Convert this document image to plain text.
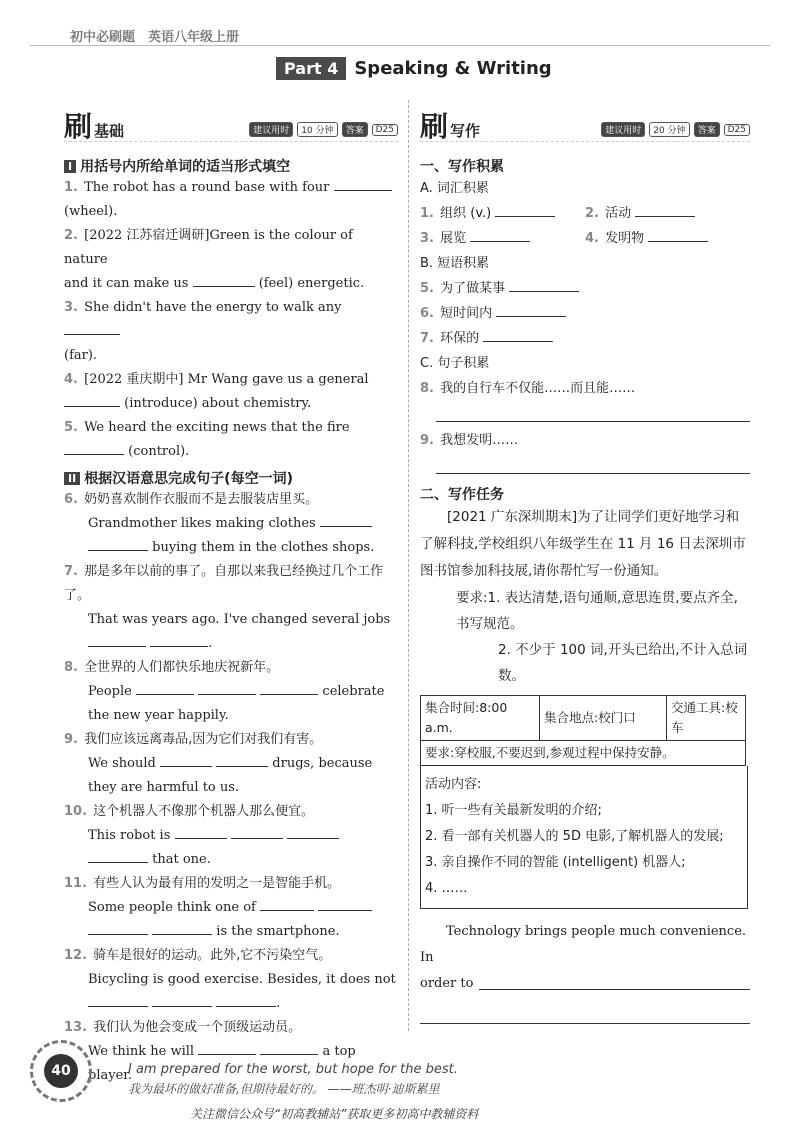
初中必刷题　英语八年级上册
Part 4 Speaking & Writing
刷 基础	建议用时	10 分钟	答案	D25
I 用括号内所给单词的适当形式填空
1. The robot has a round base with four
(wheel).
2. [2022 江苏宿迁调研]Green is the colour of nature
and it can make us	(feel) energetic.
3. She didn't have the energy to walk any
(far).
4. [2022 重庆期中] Mr Wang gave us a general
(introduce) about chemistry.
5. We heard the exciting news that the fire
(control).
II 根据汉语意思完成句子(每空一词)
6. 奶奶喜欢制作衣服而不是去服装店里买。
Grandmother likes making clothes
buying them in the clothes shops.
7. 那是多年以前的事了。自那以来我已经换过几个工作了。
That was years ago. I've changed several jobs
.
8. 全世界的人们都快乐地庆祝新年。
People	celebrate
the new year happily.
9. 我们应该远离毒品,因为它们对我们有害。
We should	drugs, because
they are harmful to us.
10. 这个机器人不像那个机器人那么便宜。
This robot is
that one.
11. 有些人认为最有用的发明之一是智能手机。
Some people think one of
is the smartphone.
12. 骑车是很好的运动。此外,它不污染空气。
Bicycling is good exercise. Besides, it does not
.
13. 我们认为他会变成一个顶级运动员。
We think he will	a top
player.
刷 写作	建议用时	20 分钟	答案	D25
一、写作积累
A. 词汇积累
1. 组织 (v.)	2. 活动
3. 展览	4. 发明物
B. 短语积累
5. 为了做某事
6. 短时间内
7. 环保的
C. 句子积累
8. 我的自行车不仅能……而且能……
9. 我想发明……
二、写作任务
[2021 广东深圳期末]为了让同学们更好地学习和了解科技,学校组织八年级学生在 11 月 16 日去深圳市图书馆参加科技展,请你帮忙写一份通知。
要求:1. 表达清楚,语句通顺,意思连贯,要点齐全,书写规范。
2. 不少于 100 词,开头已给出,不计入总词数。
集合时间:8:00 a.m.	集合地点:校门口	交通工具:校车
要求:穿校服,不要迟到,参观过程中保持安静。
活动内容:
1. 听一些有关最新发明的介绍;
2. 看一部有关机器人的 5D 电影,了解机器人的发展;
3. 亲自操作不同的智能 (intelligent) 机器人;
4. ……
Technology brings people much convenience. In
order to
40	I am prepared for the worst, but hope for the best.
我为最坏的做好准备,但期待最好的。 ——班杰明·迪斯累里
关注微信公众号“初高教辅站”获取更多初高中教辅资料
